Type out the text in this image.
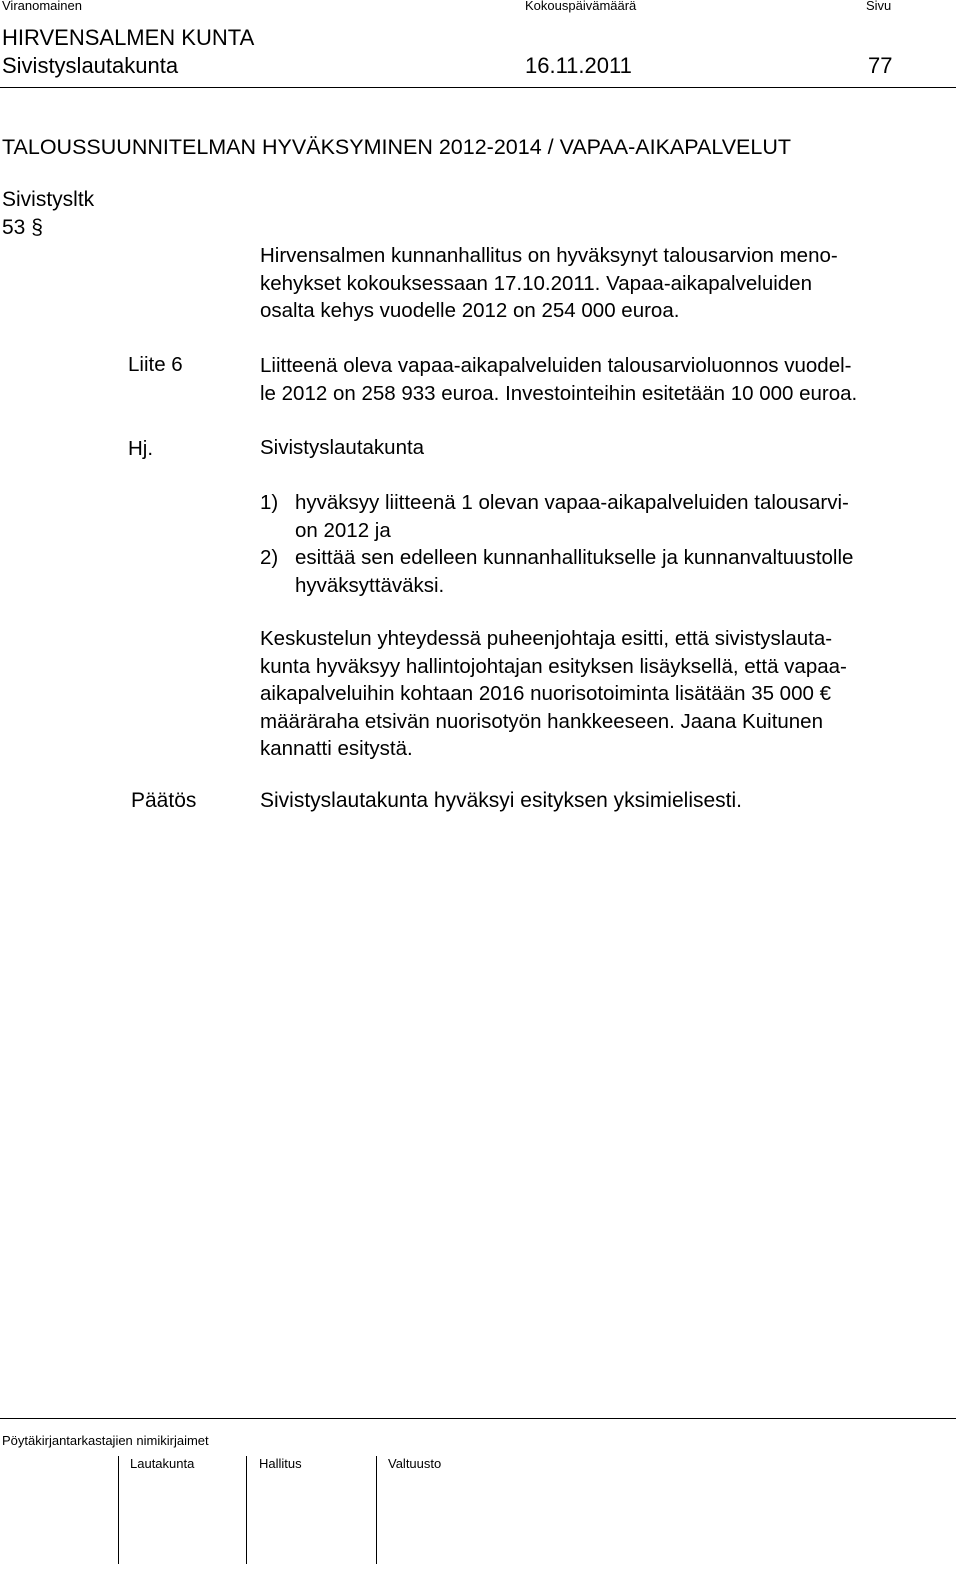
Viranomainen	Kokouspäivämäärä	Sivu
HIRVENSALMEN KUNTA
Sivistyslautakunta	16.11.2011	77
TALOUSSUUNNITELMAN HYVÄKSYMINEN 2012-2014 / VAPAA-AIKAPALVELUT
Sivistysltk
53 §
Hirvensalmen kunnanhallitus on hyväksynyt talousarvion meno-
kehykset kokouksessaan 17.10.2011. Vapaa-aikapalveluiden
osalta kehys vuodelle 2012 on 254 000 euroa.
Liite 6	Liitteenä oleva vapaa-aikapalveluiden talousarvioluonnos vuodel-
le 2012 on 258 933 euroa. Investointeihin esitetään 10 000 euroa.
Hj.	Sivistyslautakunta
1) hyväksyy liitteenä 1 olevan vapaa-aikapalveluiden talousarvi-
on 2012 ja
2) esittää sen edelleen kunnanhallitukselle ja kunnanvaltuustolle
hyväksyttäväksi.
Keskustelun yhteydessä puheenjohtaja esitti, että sivistyslauta-
kunta hyväksyy hallintojohtajan esityksen lisäyksellä, että vapaa-
aikapalveluihin kohtaan 2016 nuorisotoiminta lisätään 35 000 €
määräraha etsivän nuorisotyön hankkeeseen. Jaana Kuitunen
kannatti esitystä.
Päätös	Sivistyslautakunta hyväksyi esityksen yksimielisesti.
Pöytäkirjantarkastajien nimikirjaimet
Lautakunta	Hallitus	Valtuusto
